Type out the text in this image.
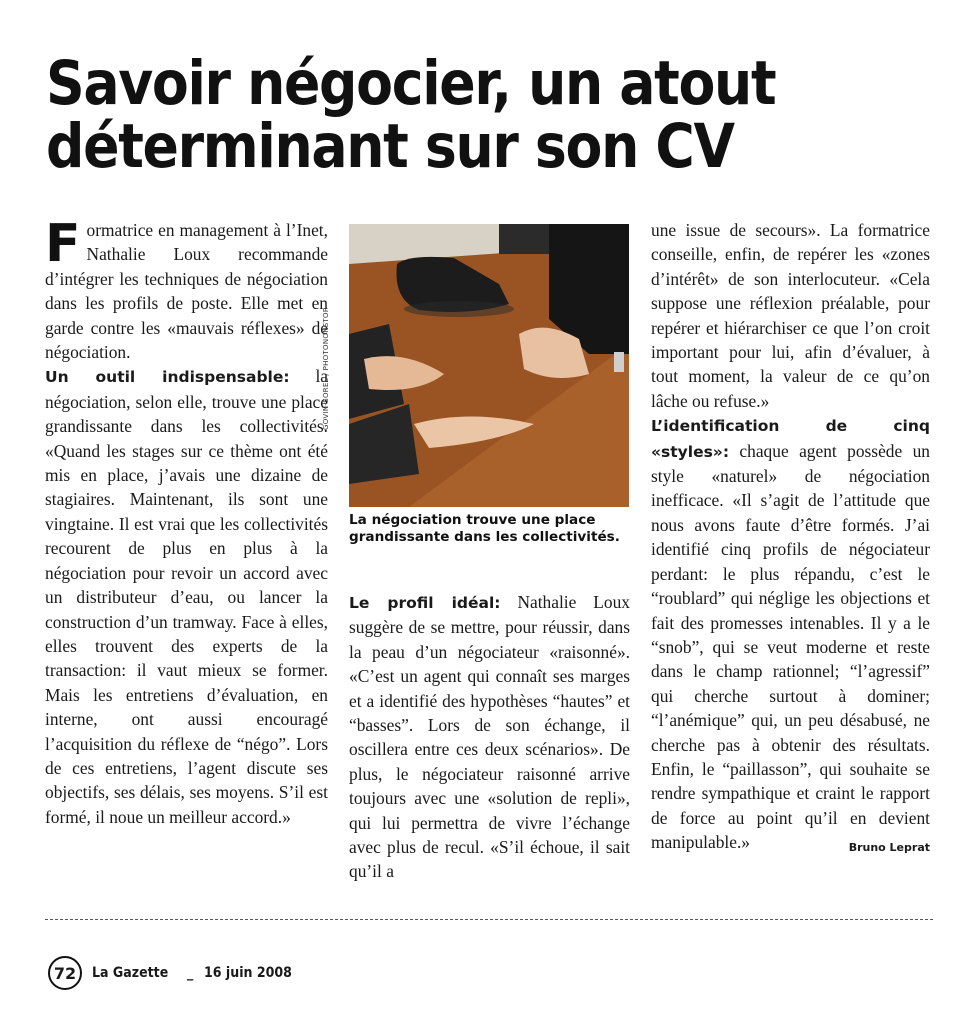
Savoir négocier, un atout déterminant sur son CV
F ormatrice en management à l’Inet, Nathalie Loux recommande d’intégrer les techniques de négociation dans les profils de poste. Elle met en garde contre les «mauvais réflexes» de négociation.

Un outil indispensable: la négociation, selon elle, trouve une place grandissante dans les collectivités. «Quand les stages sur ce thème ont été mis en place, j’avais une dizaine de stagiaires. Maintenant, ils sont une vingtaine. Il est vrai que les collectivités recourent de plus en plus à la négociation pour revoir un accord avec un distributeur d’eau, ou lancer la construction d’un tramway. Face à elles, elles trouvent des experts de la transaction: il vaut mieux se former. Mais les entretiens d’évaluation, en interne, ont aussi encouragé l’acquisition du réflexe de “négo”. Lors de ces entretiens, l’agent discute ses objectifs, ses délais, ses moyens. S’il est formé, il noue un meilleur accord.»

GOVIN-SOREL / PHOTONONSTOP
La négociation trouve une place grandissante dans les collectivités.

Le profil idéal: Nathalie Loux suggère de se mettre, pour réussir, dans la peau d’un négociateur «raisonné». «C’est un agent qui connaît ses marges et a identifié des hypothèses “hautes” et “basses”. Lors de son échange, il oscillera entre ces deux scénarios». De plus, le négociateur raisonné arrive toujours avec une «solution de repli», qui lui permettra de vivre l’échange avec plus de recul. «S’il échoue, il sait qu’il a

une issue de secours». La formatrice conseille, enfin, de repérer les «zones d’intérêt» de son interlocuteur. «Cela suppose une réflexion préalable, pour repérer et hiérarchiser ce que l’on croit important pour lui, afin d’évaluer, à tout moment, la valeur de ce qu’on lâche ou refuse.»

L’identification de cinq «styles»: chaque agent possède un style «naturel» de négociation inefficace. «Il s’agit de l’attitude que nous avons faute d’être formés. J’ai identifié cinq profils de négociateur perdant: le plus répandu, c’est le “roublard” qui néglige les objections et fait des promesses intenables. Il y a le “snob”, qui se veut moderne et reste dans le champ rationnel; “l’agressif” qui cherche surtout à dominer; “l’anémique” qui, un peu désabusé, ne cherche pas à obtenir des résultats. Enfin, le “paillasson”, qui souhaite se rendre sympathique et craint le rapport de force au point qu’il en devient manipulable.»	Bruno Leprat

72	La Gazette _ 16 juin 2008
